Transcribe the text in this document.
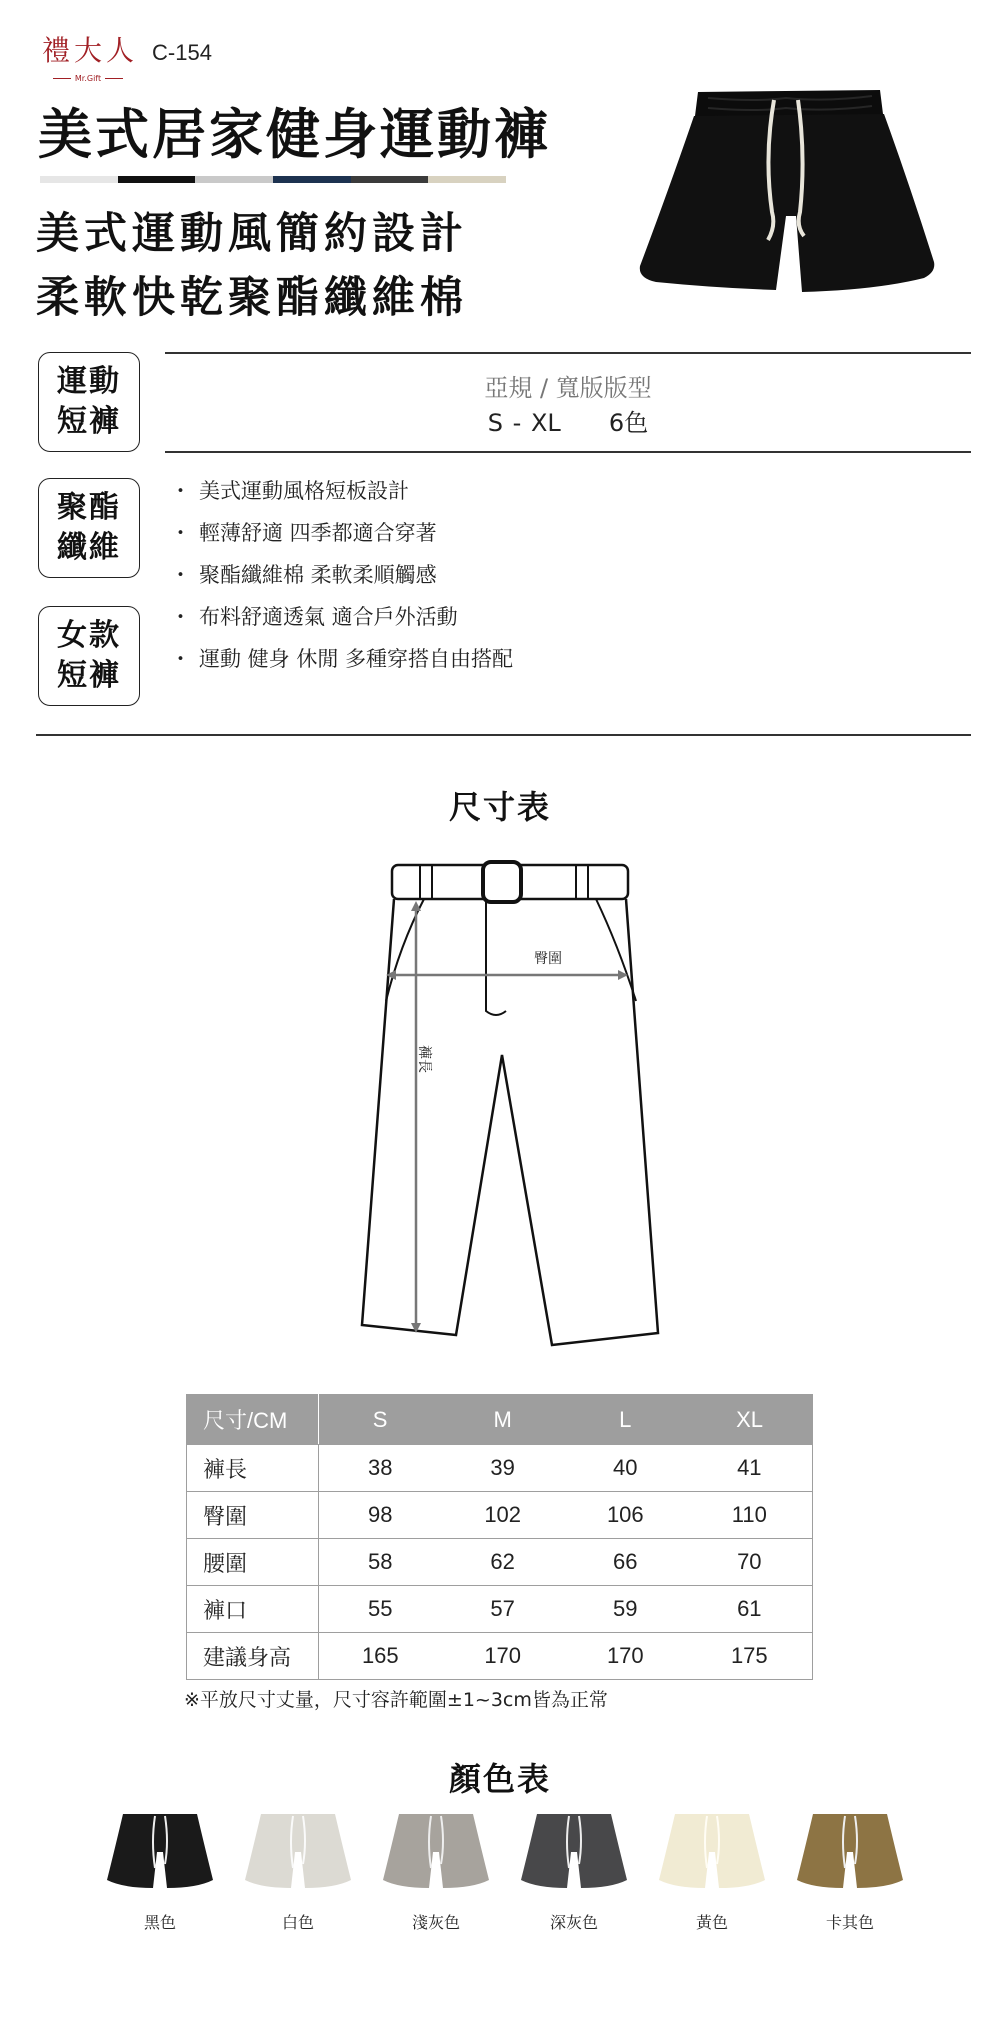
禮大人
Mr.Gift
C-154
美式居家健身運動褲
美式運動風簡約設計
柔軟快乾聚酯纖維棉
運動
短褲
聚酯
纖維
女款
短褲
亞規 / 寬版版型
S - XL 6色
・ 美式運動風格短板設計
・ 輕薄舒適 四季都適合穿著
・ 聚酯纖維棉 柔軟柔順觸感
・ 布料舒適透氣 適合戶外活動
・ 運動 健身 休閒 多種穿搭自由搭配
尺寸表
臀圍
褲長
尺寸/CM	S	M	L	XL
褲長	38	39	40	41
臀圍	98	102	106	110
腰圍	58	62	66	70
褲口	55	57	59	61
建議身高	165	170	170	175
※平放尺寸丈量，尺寸容許範圍±1~3cm皆為正常
顏色表
黑色	白色	淺灰色	深灰色	黃色	卡其色
